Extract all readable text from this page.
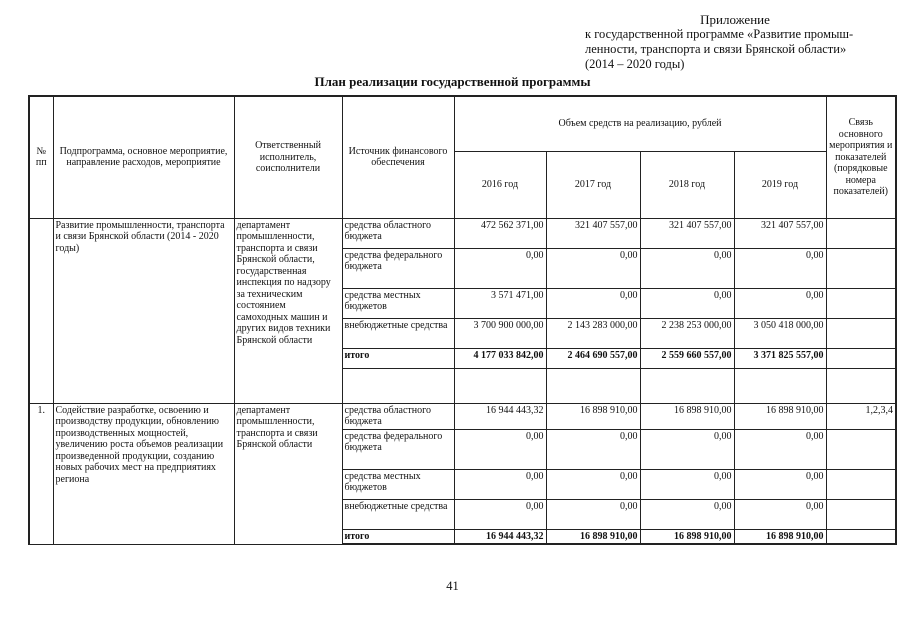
Приложение
к государственной программе «Развитие промыш-
ленности, транспорта и связи Брянской области»
(2014 – 2020 годы)
План реализации государственной программы
№ пп	Подпрограмма, основное мероприятие, направление расходов, мероприятие	Ответственный исполнитель, соисполнители	Источник финансового обеспечения	Объем средств на реализацию, рублей				Связь основного мероприятия и показателей (порядковые номера показателей)
				2016 год	2017 год	2018 год	2019 год	
	Развитие промышленности, транспорта и связи Брянской области (2014 - 2020 годы)	департамент промышленности, транспорта и связи Брянской области, государственная инспекция по надзору за техническим состоянием самоходных машин и других видов техники Брянской области	средства областного бюджета	472 562 371,00	321 407 557,00	321 407 557,00	321 407 557,00	
			средства федерального бюджета	0,00	0,00	0,00	0,00	
			средства местных бюджетов	3 571 471,00	0,00	0,00	0,00	
			внебюджетные средства	3 700 900 000,00	2 143 283 000,00	2 238 253 000,00	3 050 418 000,00	
			итого	4 177 033 842,00	2 464 690 557,00	2 559 660 557,00	3 371 825 557,00	

1.	Содействие разработке, освоению и производству продукции, обновлению производственных мощностей, увеличению роста объемов реализации произведенной продукции, созданию новых рабочих мест на предприятиях региона	департамент промышленности, транспорта и связи Брянской области	средства областного бюджета	16 944 443,32	16 898 910,00	16 898 910,00	16 898 910,00	1,2,3,4
			средства федерального бюджета	0,00	0,00	0,00	0,00	
			средства местных бюджетов	0,00	0,00	0,00	0,00	
			внебюджетные средства	0,00	0,00	0,00	0,00	
			итого	16 944 443,32	16 898 910,00	16 898 910,00	16 898 910,00	
41
